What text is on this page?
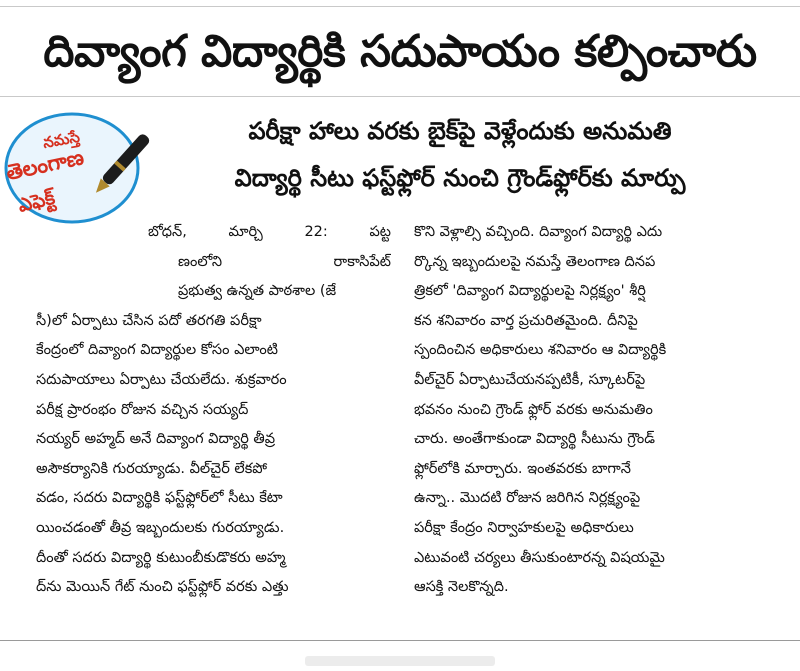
దివ్యాంగ విద్యార్థికి సదుపాయం కల్పించారు
పరీక్షా హాలు వరకు బైక్‌పై వెళ్లేందుకు అనుమతి
విద్యార్థి సీటు ఫస్ట్‌ఫ్లోర్ నుంచి గ్రౌండ్‌ఫ్లోర్‌కు మార్పు
నమస్తే
తెలంగాణ
ఎఫెక్ట్

బోధన్, మార్చి 22: పట్ట

ణంలోని రాకాసిపేట్

ప్రభుత్వ ఉన్నత పాఠశాల (జే

సీ)లో ఏర్పాటు చేసిన పదో తరగతి పరీక్షా

కేంద్రంలో దివ్యాంగ విద్యార్థుల కోసం ఎలాంటి

సదుపాయాలు ఏర్పాటు చేయలేదు. శుక్రవారం

పరీక్ష ప్రారంభం రోజున వచ్చిన సయ్యద్

నయ్యర్ అహ్మద్ అనే దివ్యాంగ విద్యార్థి తీవ్ర

అసౌకర్యానికి గురయ్యాడు. వీల్‌చైర్ లేకపో

వడం, సదరు విద్యార్థికి ఫస్ట్‌ఫ్లోర్‌లో సీటు కేటా

యించడంతో తీవ్ర ఇబ్బందులకు గురయ్యాడు.

దీంతో సదరు విద్యార్థి కుటుంబీకుడొకరు అహ్మ

ద్‌ను మెయిన్ గేట్ నుంచి ఫస్ట్‌ఫ్లోర్ వరకు ఎత్తు

కొని వెళ్లాల్సి వచ్చింది. దివ్యాంగ విద్యార్థి ఎదు

ర్కొన్న ఇబ్బందులపై నమస్తే తెలంగాణ దినప

త్రికలో 'దివ్యాంగ విద్యార్థులపై నిర్లక్ష్యం' శీర్షి

కన శనివారం వార్త ప్రచురితమైంది. దీనిపై

స్పందించిన అధికారులు శనివారం ఆ విద్యార్థికి

వీల్‌చైర్ ఏర్పాటుచేయనప్పటికీ, స్కూటర్‌పై

భవనం నుంచి గ్రౌండ్ ఫ్లోర్ వరకు అనుమతిం

చారు. అంతేగాకుండా విద్యార్థి సీటును గ్రౌండ్

ఫ్లోర్‌లోకి మార్చారు. ఇంతవరకు బాగానే

ఉన్నా.. మొదటి రోజున జరిగిన నిర్లక్ష్యంపై

పరీక్షా కేంద్రం నిర్వాహకులపై అధికారులు

ఎటువంటి చర్యలు తీసుకుంటారన్న విషయమై

ఆసక్తి నెలకొన్నది.
